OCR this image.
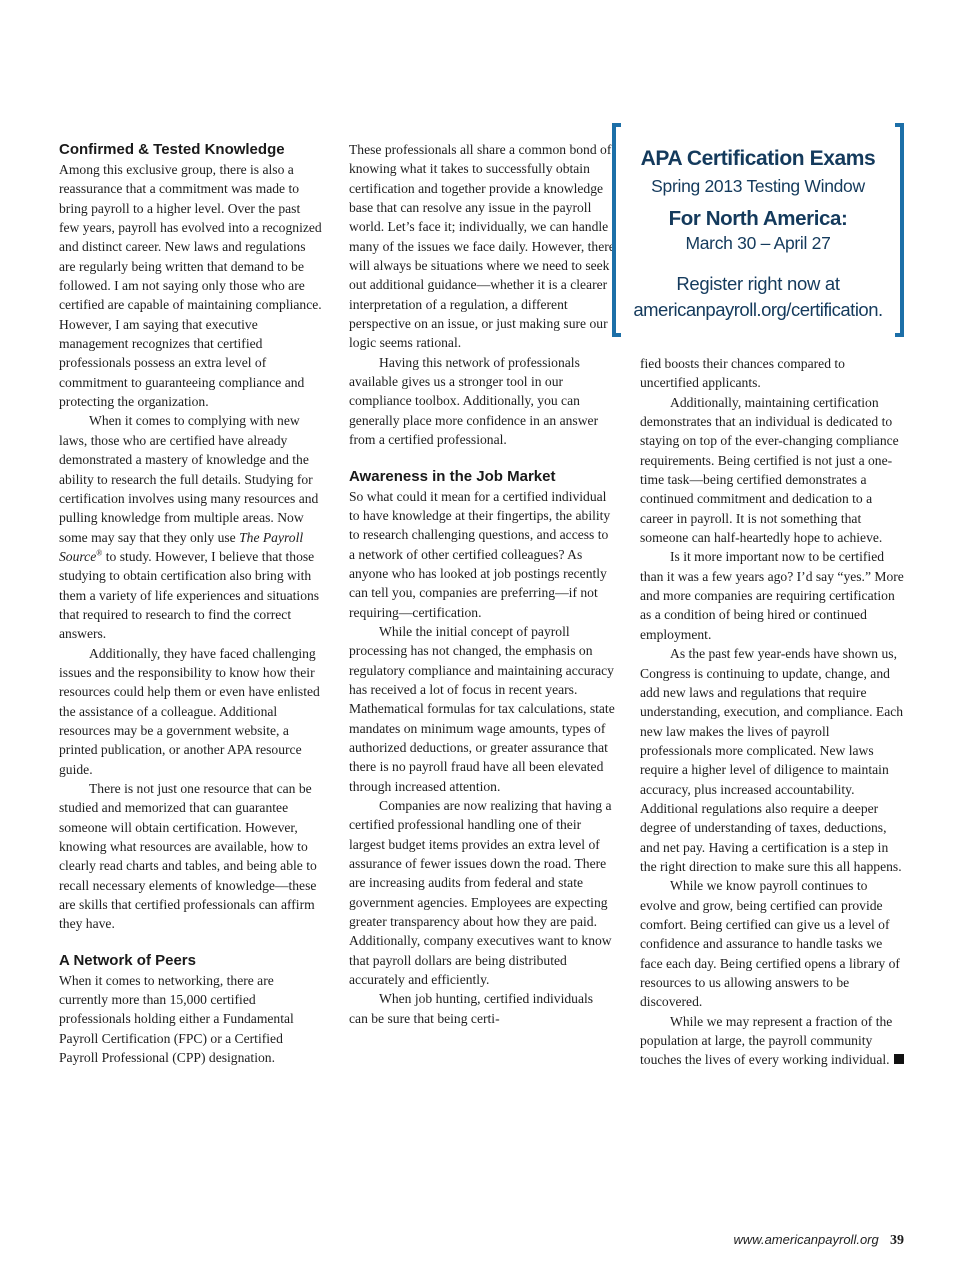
Confirmed & Tested Knowledge

Among this exclusive group, there is also a reassurance that a commitment was made to bring payroll to a higher level. Over the past few years, payroll has evolved into a recognized and distinct career. New laws and regulations are regularly being written that demand to be followed. I am not saying only those who are certified are capable of maintaining compliance. However, I am saying that executive management recognizes that certified professionals possess an extra level of commitment to guaranteeing compliance and protecting the organization.

When it comes to complying with new laws, those who are certified have already demonstrated a mastery of knowledge and the ability to research the full details. Studying for certification involves using many resources and pulling knowledge from multiple areas. Now some may say that they only use The Payroll Source® to study. However, I believe that those studying to obtain certification also bring with them a variety of life experiences and situations that required to research to find the correct answers.

Additionally, they have faced challenging issues and the responsibility to know how their resources could help them or even have enlisted the assistance of a colleague. Additional resources may be a government website, a printed publication, or another APA resource guide.

There is not just one resource that can be studied and memorized that can guarantee someone will obtain certification. However, knowing what resources are available, how to clearly read charts and tables, and being able to recall necessary elements of knowledge—these are skills that certified professionals can affirm they have.

A Network of Peers

When it comes to networking, there are currently more than 15,000 certified professionals holding either a Fundamental Payroll Certification (FPC) or a Certified Payroll Professional (CPP) designation.

These professionals all share a common bond of knowing what it takes to successfully obtain certification and together provide a knowledge base that can resolve any issue in the payroll world. Let’s face it; individually, we can handle many of the issues we face daily. However, there will always be situations where we need to seek out additional guidance—whether it is a clearer interpretation of a regulation, a different perspective on an issue, or just making sure our logic seems rational.

Having this network of professionals available gives us a stronger tool in our compliance toolbox. Additionally, you can generally place more confidence in an answer from a certified professional.

Awareness in the Job Market

So what could it mean for a certified individual to have knowledge at their fingertips, the ability to research challenging questions, and access to a network of other certified colleagues? As anyone who has looked at job postings recently can tell you, companies are preferring—if not requiring—certification.

While the initial concept of payroll processing has not changed, the emphasis on regulatory compliance and maintaining accuracy has received a lot of focus in recent years. Mathematical formulas for tax calculations, state mandates on minimum wage amounts, types of authorized deductions, or greater assurance that there is no payroll fraud have all been elevated through increased attention.

Companies are now realizing that having a certified professional handling one of their largest budget items provides an extra level of assurance of fewer issues down the road. There are increasing audits from federal and state government agencies. Employees are expecting greater transparency about how they are paid. Additionally, company executives want to know that payroll dollars are being distributed accurately and efficiently.

When job hunting, certified individuals can be sure that being certi-

APA Certification Exams
Spring 2013 Testing Window
For North America:
March 30 – April 27
Register right now at
americanpayroll.org/certification.

fied boosts their chances compared to uncertified applicants.

Additionally, maintaining certification demonstrates that an individual is dedicated to staying on top of the ever-changing compliance requirements. Being certified is not just a one-time task—being certified demonstrates a continued commitment and dedication to a career in payroll. It is not something that someone can half-heartedly hope to achieve.

Is it more important now to be certified than it was a few years ago? I’d say “yes.” More and more companies are requiring certification as a condition of being hired or continued employment.

As the past few year-ends have shown us, Congress is continuing to update, change, and add new laws and regulations that require understanding, execution, and compliance. Each new law makes the lives of payroll professionals more complicated. New laws require a higher level of diligence to maintain accuracy, plus increased accountability. Additional regulations also require a deeper degree of understanding of taxes, deductions, and net pay. Having a certification is a step in the right direction to make sure this all happens.

While we know payroll continues to evolve and grow, being certified can provide comfort. Being certified can give us a level of confidence and assurance to handle tasks we face each day. Being certified opens a library of resources to us allowing answers to be discovered.

While we may represent a fraction of the population at large, the payroll community touches the lives of every working individual.

www.americanpayroll.org 39
